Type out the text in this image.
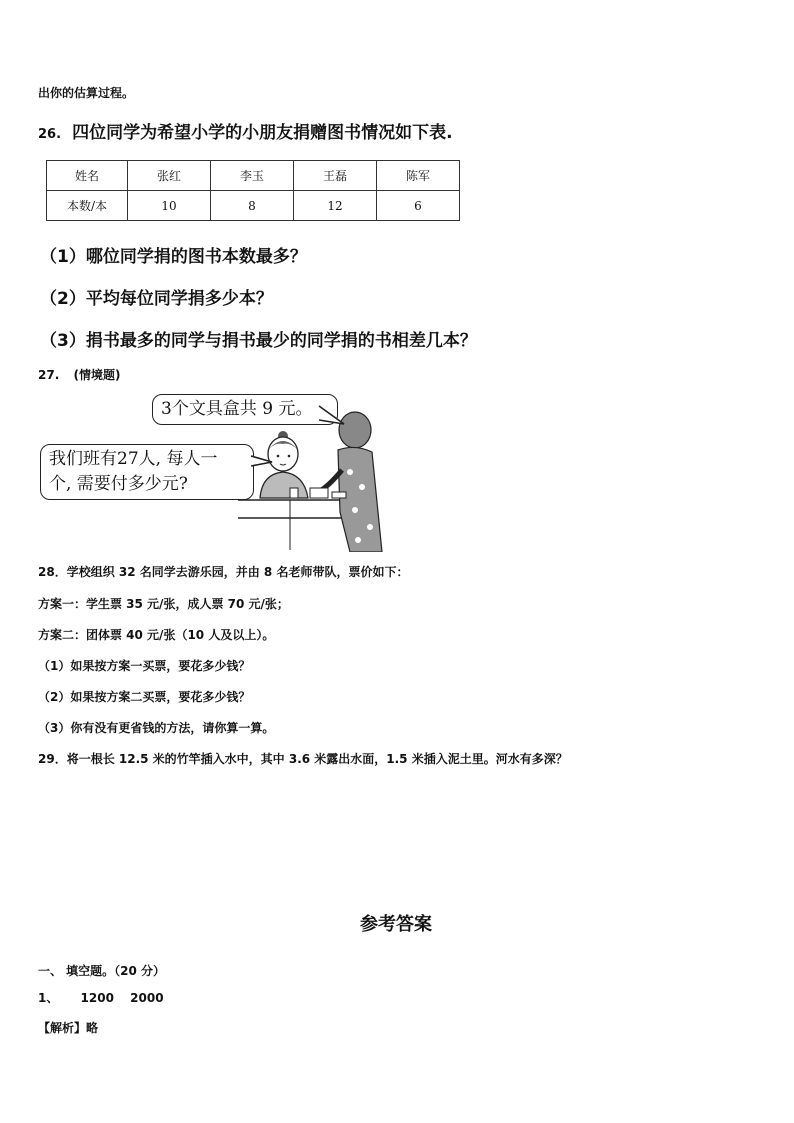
出你的估算过程。
26. 四位同学为希望小学的小朋友捐赠图书情况如下表.
姓名	张红	李玉	王磊	陈军
本数/本	10	8	12	6
（1）哪位同学捐的图书本数最多？
（2）平均每位同学捐多少本？
（3）捐书最多的同学与捐书最少的同学捐的书相差几本？
27. (情境题)
3个文具盒共 9 元。
我们班有27人, 每人一
个, 需要付多少元?
28．学校组织 32 名同学去游乐园，并由 8 名老师带队，票价如下：
方案一：学生票 35 元/张，成人票 70 元/张；
方案二：团体票 40 元/张（10 人及以上）。
（1）如果按方案一买票，要花多少钱？
（2）如果按方案二买票，要花多少钱？
（3）你有没有更省钱的方法，请你算一算。
29．将一根长 12.5 米的竹竿插入水中，其中 3.6 米露出水面，1.5 米插入泥土里。河水有多深？
参考答案
一、 填空题。（20 分）
1、 1200 2000
【解析】略
